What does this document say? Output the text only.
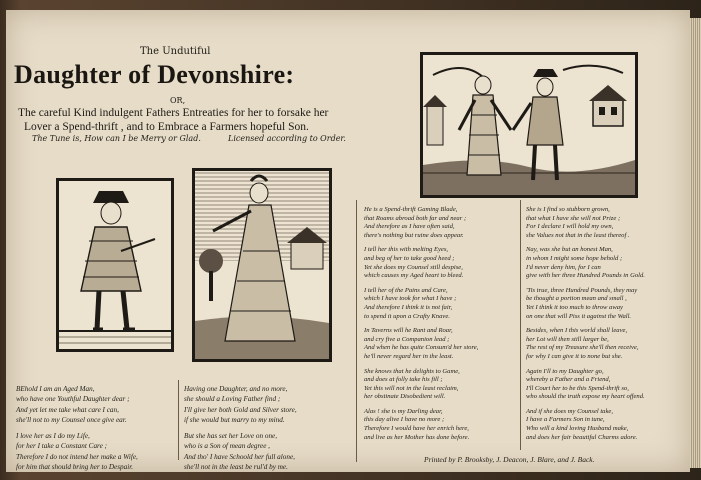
The Undutiful
Daughter of Devonshire:
OR,
The careful Kind indulgent Fathers Entreaties for her to forsake her
Lover a Spend-thrift , and to Embrace a Farmers hopeful Son.
The Tune is, How can I be Merry or Glad.	Licensed according to Order.
BEhold I am an Aged Man,
who have one Youthful Daughter dear ;
And yet let me take what care I can,
she'll not to my Counsel once give ear.
I love her as I do my Life,
for her I take a Constant Care ;
Therefore I do not intend her make a Wife,
for him that should bring her to Despair.
Having one Daughter, and no more,
she should a Loving Father find ;
I'll give her both Gold and Silver store,
if she would but marry to my mind.
But she has set her Love on one,
who is a Son of mean degree ,
And tho' I have Schoold her full alone,
she'll not in the least be rul'd by me.
He is a Spend-thrift Gaming Blade,
that Roams abroad both far and near ;
And therefore as I have often said,
there's nothing but ruine does appear.
I tell her this with melting Eyes,
and beg of her to take good heed ;
Yet she does my Counsel still despise,
which causes my Aged heart to bleed.
I tell her of the Pains and Care,
which I have took for what I have ;
And therefore I think it is not fair,
to spend it upon a Crafty Knave.
In Taverns will he Rant and Roar,
and cry five a Companion lead ;
And when he has quite Consum'd her store,
he'll never regard her in the least.
She knows that he delights to Game,
and does at folly take his fill ;
Yet this will not in the least reclaim,
her obstinate Disobedient will.
Alas ! she is my Darling dear,
this day alive I have no more ;
Therefore I would have her enrich here,
and live as her Mother has done before.
She is I find so stubborn grown,
that what I have she will not Prize ;
For I declare I will hold my own,
she Values not that in the least thereof .
Nay, was she but an honest Man,
in whom I might some hope behold ;
I'd never deny him, for I can
give with her three Hundred Pounds in Gold.
'Tis true, three Hundred Pounds, they may
be thought a portion mean and small ,
Yet I think it too much to throw away
on one that will Piss it against the Wall.
Besides, when I this world shall leave,
her Lot will then still larger be,
The rest of my Treasure she'll then receive,
for why I can give it to none but she.
Again I'll to my Daughter go,
whereby a Father and a Friend,
I'll Court her to be this Spend-thrift so,
who should the truth expose my heart offend.
And if she does my Counsel take,
I have a Farmers Son in tune,
Who will a kind loving Husband make,
and does her fair beautiful Charms adore.
Printed by P. Brooksby, J. Deacon, J. Blare, and J. Back.
